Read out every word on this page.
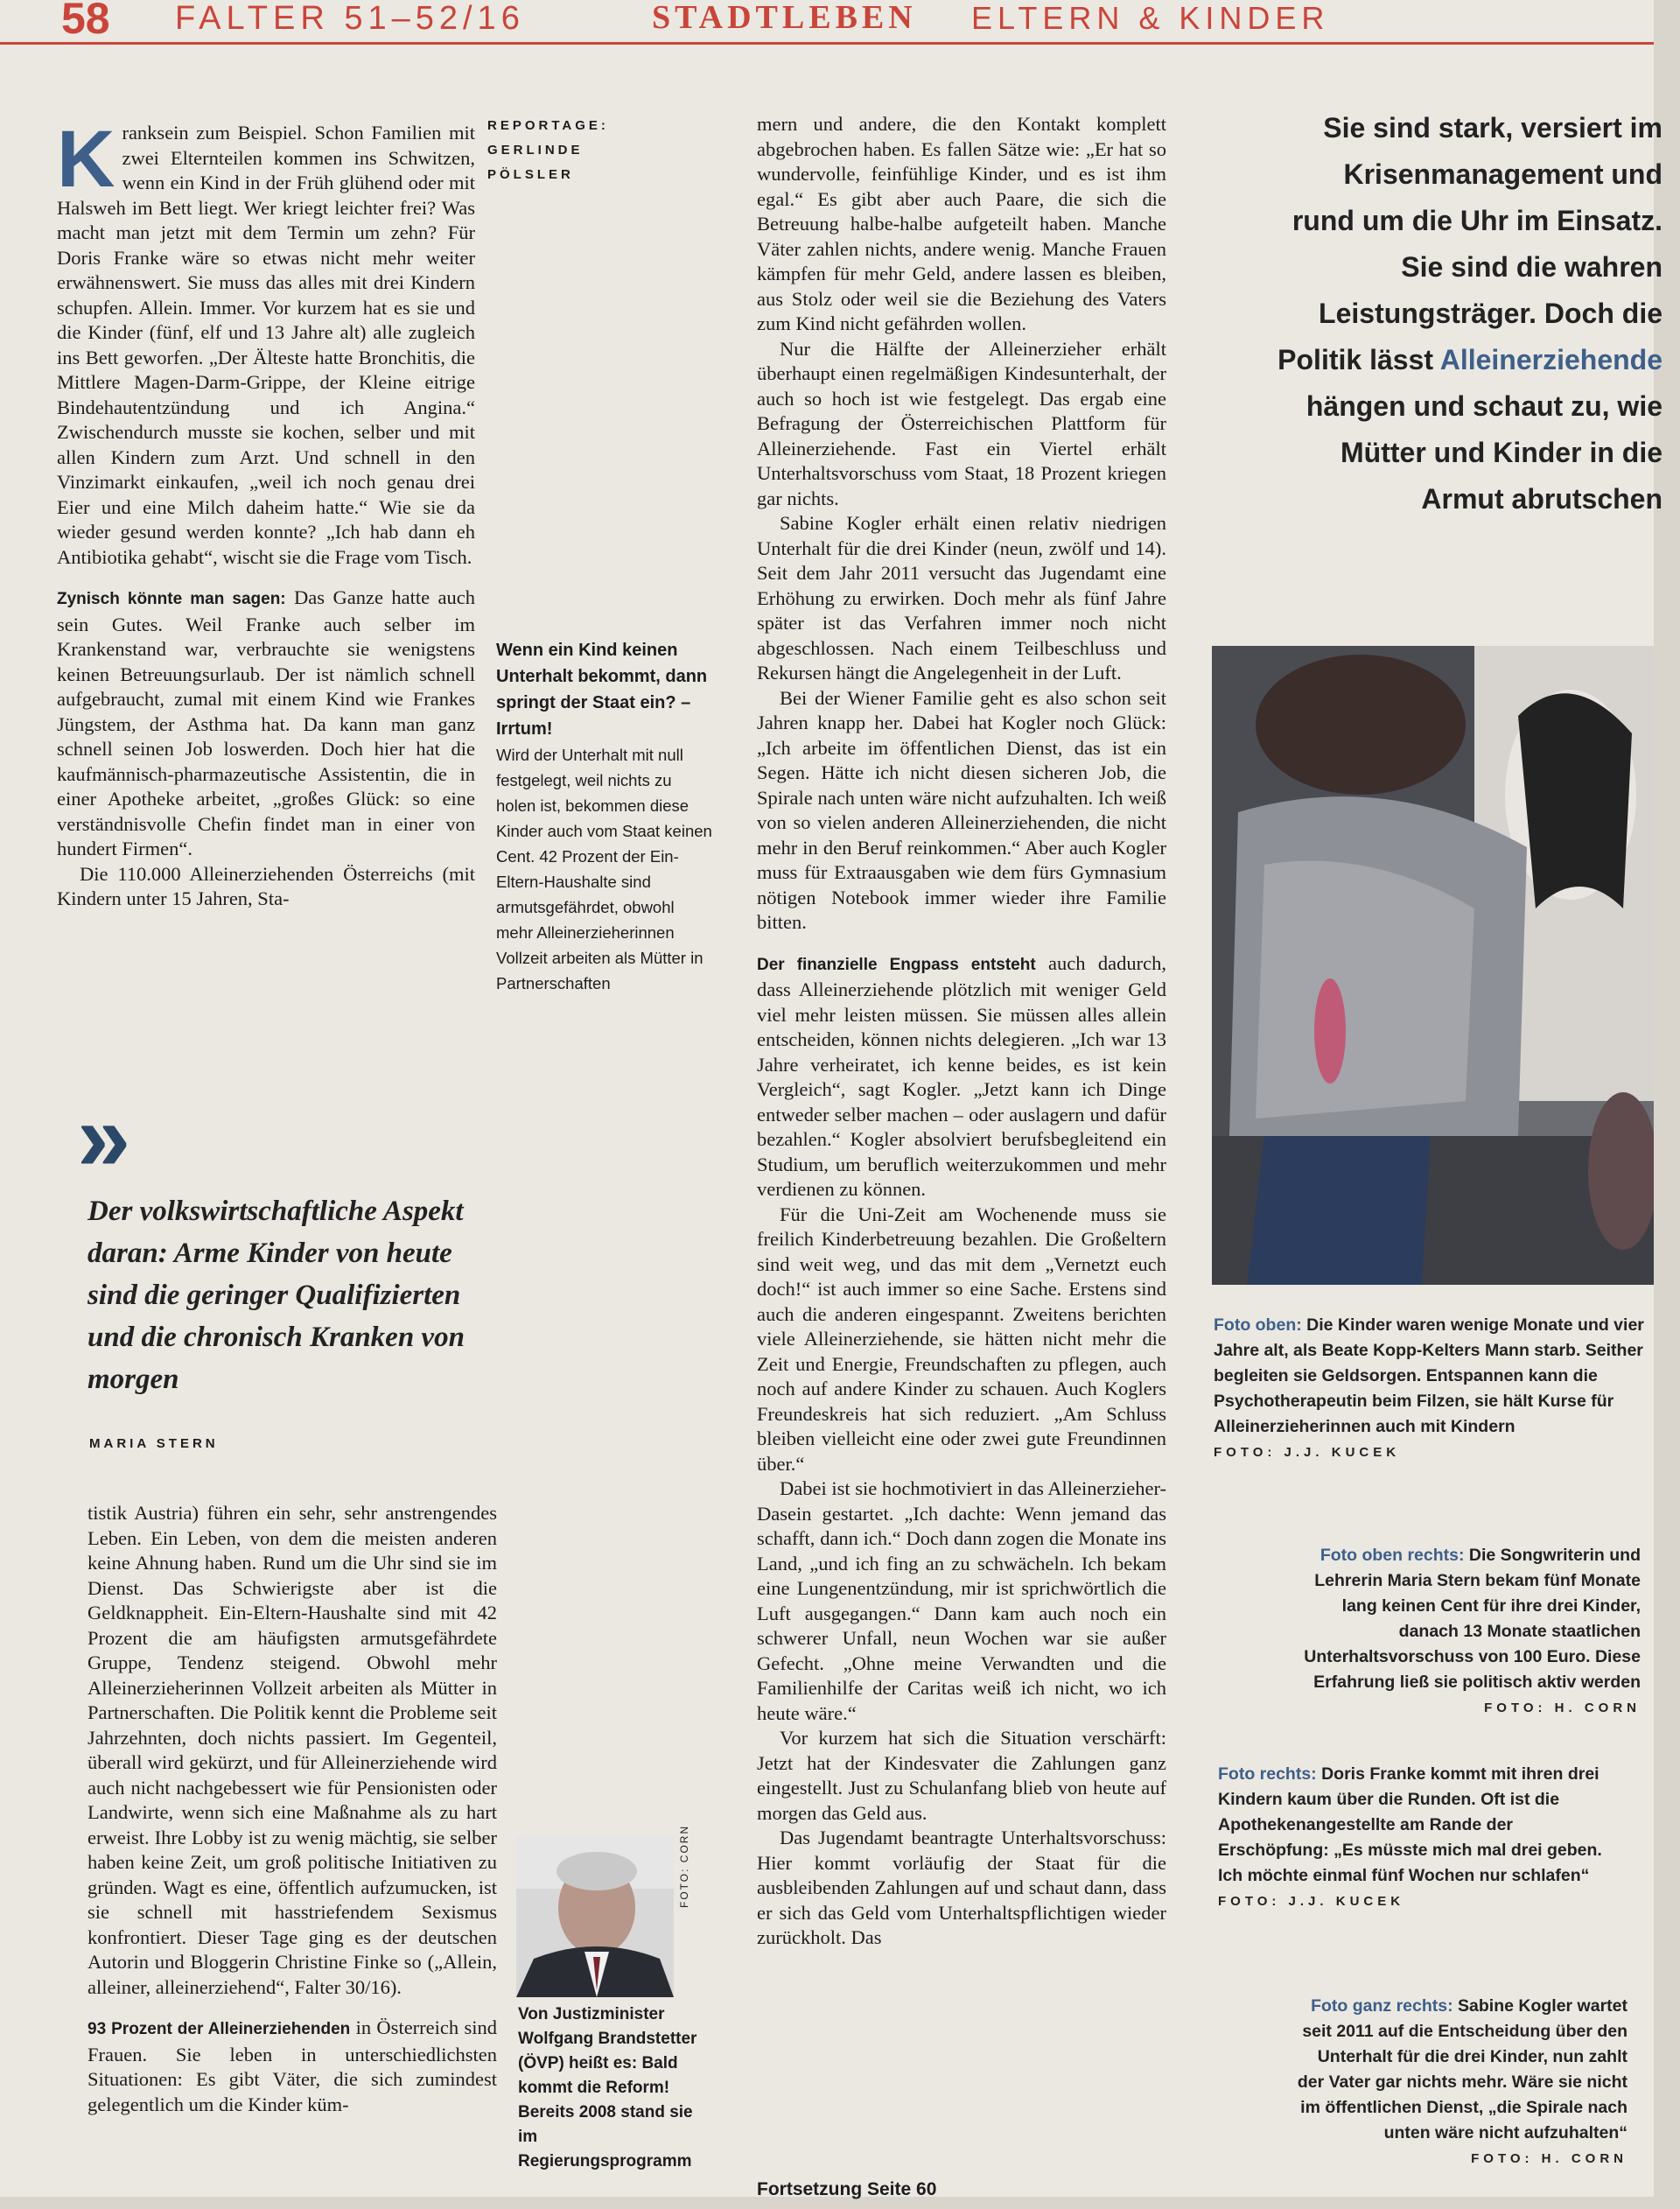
58 FALTER 51–52/16	STADTLEBEN ELTERN & KINDER
K ranksein zum Beispiel. Schon Familien mit zwei Elternteilen kommen ins Schwitzen, wenn ein Kind in der Früh glühend oder mit Halsweh im Bett liegt. Wer kriegt leichter frei? Was macht man jetzt mit dem Termin um zehn? Für Doris Franke wäre so etwas nicht mehr weiter erwähnenswert. Sie muss das alles mit drei Kindern schupfen. Allein. Immer. Vor kurzem hat es sie und die Kinder (fünf, elf und 13 Jahre alt) alle zugleich ins Bett geworfen. „Der Älteste hatte Bronchitis, die Mittlere Magen-Darm-Grippe, der Kleine eitrige Bindehautentzündung und ich Angina.“ Zwischendurch musste sie kochen, selber und mit allen Kindern zum Arzt. Und schnell in den Vinzimarkt einkaufen, „weil ich noch genau drei Eier und eine Milch daheim hatte.“ Wie sie da wieder gesund werden konnte? „Ich hab dann eh Antibiotika gehabt“, wischt sie die Frage vom Tisch.

Zynisch könnte man sagen: Das Ganze hatte auch sein Gutes. Weil Franke auch selber im Krankenstand war, verbrauchte sie wenigstens keinen Betreuungsurlaub. Der ist nämlich schnell aufgebraucht, zumal mit einem Kind wie Frankes Jüngstem, der Asthma hat. Da kann man ganz schnell seinen Job loswerden. Doch hier hat die kaufmännisch-pharmazeutische Assistentin, die in einer Apotheke arbeitet, „großes Glück: so eine verständnisvolle Chefin findet man in einer von hundert Firmen“.

Die 110.000 Alleinerziehenden Österreichs (mit Kindern unter 15 Jahren, Sta-

REPORTAGE:
GERLINDE
PÖLSLER
Wenn ein Kind keinen Unterhalt bekommt, dann springt der Staat ein? – Irrtum!
Wird der Unterhalt mit null festgelegt, weil nichts zu holen ist, bekommen diese Kinder auch vom Staat keinen Cent. 42 Prozent der Ein-Eltern-Haushalte sind armutsgefährdet, obwohl mehr Alleinerzieherinnen Vollzeit arbeiten als Mütter in Partnerschaften
»
Der volkswirtschaftliche Aspekt daran: Arme Kinder von heute sind die geringer Qualifizierten und die chronisch Kranken von morgen
MARIA STERN

tistik Austria) führen ein sehr, sehr anstrengendes Leben. Ein Leben, von dem die meisten anderen keine Ahnung haben. Rund um die Uhr sind sie im Dienst. Das Schwierigste aber ist die Geldknappheit. Ein-Eltern-Haushalte sind mit 42 Prozent die am häufigsten armutsgefährdete Gruppe, Tendenz steigend. Obwohl mehr Alleinerzieherinnen Vollzeit arbeiten als Mütter in Partnerschaften. Die Politik kennt die Probleme seit Jahrzehnten, doch nichts passiert. Im Gegenteil, überall wird gekürzt, und für Alleinerziehende wird auch nicht nachgebessert wie für Pensionisten oder Landwirte, wenn sich eine Maßnahme als zu hart erweist. Ihre Lobby ist zu wenig mächtig, sie selber haben keine Zeit, um groß politische Initiativen zu gründen. Wagt es eine, öffentlich aufzumucken, ist sie schnell mit hasstriefendem Sexismus konfrontiert. Dieser Tage ging es der deutschen Autorin und Bloggerin Christine Finke so („Allein, alleiner, alleinerziehend“, Falter 30/16).

93 Prozent der Alleinerziehenden in Österreich sind Frauen. Sie leben in unterschiedlichsten Situationen: Es gibt Väter, die sich zumindest gelegentlich um die Kinder küm-

FOTO: CORN
Von Justizminister Wolfgang Brandstetter (ÖVP) heißt es: Bald kommt die Reform! Bereits 2008 stand sie im Regierungsprogramm

mern und andere, die den Kontakt komplett abgebrochen haben. Es fallen Sätze wie: „Er hat so wundervolle, feinfühlige Kinder, und es ist ihm egal.“ Es gibt aber auch Paare, die sich die Betreuung halbe-halbe aufgeteilt haben. Manche Väter zahlen nichts, andere wenig. Manche Frauen kämpfen für mehr Geld, andere lassen es bleiben, aus Stolz oder weil sie die Beziehung des Vaters zum Kind nicht gefährden wollen.

Nur die Hälfte der Alleinerzieher erhält überhaupt einen regelmäßigen Kindesunterhalt, der auch so hoch ist wie festgelegt. Das ergab eine Befragung der Österreichischen Plattform für Alleinerziehende. Fast ein Viertel erhält Unterhaltsvorschuss vom Staat, 18 Prozent kriegen gar nichts.

Sabine Kogler erhält einen relativ niedrigen Unterhalt für die drei Kinder (neun, zwölf und 14). Seit dem Jahr 2011 versucht das Jugendamt eine Erhöhung zu erwirken. Doch mehr als fünf Jahre später ist das Verfahren immer noch nicht abgeschlossen. Nach einem Teilbeschluss und Rekursen hängt die Angelegenheit in der Luft.

Bei der Wiener Familie geht es also schon seit Jahren knapp her. Dabei hat Kogler noch Glück: „Ich arbeite im öffentlichen Dienst, das ist ein Segen. Hätte ich nicht diesen sicheren Job, die Spirale nach unten wäre nicht aufzuhalten. Ich weiß von so vielen anderen Alleinerziehenden, die nicht mehr in den Beruf reinkommen.“ Aber auch Kogler muss für Extraausgaben wie dem fürs Gymnasium nötigen Notebook immer wieder ihre Familie bitten.

Der finanzielle Engpass entsteht auch dadurch, dass Alleinerziehende plötzlich mit weniger Geld viel mehr leisten müssen. Sie müssen alles allein entscheiden, können nichts delegieren. „Ich war 13 Jahre verheiratet, ich kenne beides, es ist kein Vergleich“, sagt Kogler. „Jetzt kann ich Dinge entweder selber machen – oder auslagern und dafür bezahlen.“ Kogler absolviert berufsbegleitend ein Studium, um beruflich weiterzukommen und mehr verdienen zu können.

Für die Uni-Zeit am Wochenende muss sie freilich Kinderbetreuung bezahlen. Die Großeltern sind weit weg, und das mit dem „Vernetzt euch doch!“ ist auch immer so eine Sache. Erstens sind auch die anderen eingespannt. Zweitens berichten viele Alleinerziehende, sie hätten nicht mehr die Zeit und Energie, Freundschaften zu pflegen, auch noch auf andere Kinder zu schauen. Auch Koglers Freundeskreis hat sich reduziert. „Am Schluss bleiben vielleicht eine oder zwei gute Freundinnen über.“

Dabei ist sie hochmotiviert in das Alleinerzieher-Dasein gestartet. „Ich dachte: Wenn jemand das schafft, dann ich.“ Doch dann zogen die Monate ins Land, „und ich fing an zu schwächeln. Ich bekam eine Lungenentzündung, mir ist sprichwörtlich die Luft ausgegangen.“ Dann kam auch noch ein schwerer Unfall, neun Wochen war sie außer Gefecht. „Ohne meine Verwandten und die Familienhilfe der Caritas weiß ich nicht, wo ich heute wäre.“

Vor kurzem hat sich die Situation verschärft: Jetzt hat der Kindesvater die Zahlungen ganz eingestellt. Just zu Schulanfang blieb von heute auf morgen das Geld aus.

Das Jugendamt beantragte Unterhaltsvorschuss: Hier kommt vorläufig der Staat für die ausbleibenden Zahlungen auf und schaut dann, dass er sich das Geld vom Unterhaltspflichtigen wieder zurückholt. Das

Fortsetzung Seite 60
Sie sind stark, versiert im Krisenmanagement und rund um die Uhr im Einsatz. Sie sind die wahren Leistungsträger. Doch die Politik lässt Alleinerziehende hängen und schaut zu, wie Mütter und Kinder in die Armut abrutschen
Foto oben: Die Kinder waren wenige Monate und vier Jahre alt, als Beate Kopp-Kelters Mann starb. Seither begleiten sie Geldsorgen. Entspannen kann die Psychotherapeutin beim Filzen, sie hält Kurse für Alleinerzieherinnen auch mit Kindern
FOTO: J.J. KUCEK
Foto oben rechts: Die Songwriterin und Lehrerin Maria Stern bekam fünf Monate lang keinen Cent für ihre drei Kinder, danach 13 Monate staatlichen Unterhaltsvorschuss von 100 Euro. Diese Erfahrung ließ sie politisch aktiv werden
FOTO: H. CORN
Foto rechts: Doris Franke kommt mit ihren drei Kindern kaum über die Runden. Oft ist die Apothekenangestellte am Rande der Erschöpfung: „Es müsste mich mal drei geben. Ich möchte einmal fünf Wochen nur schlafen“
FOTO: J.J. KUCEK
Foto ganz rechts: Sabine Kogler wartet seit 2011 auf die Entscheidung über den Unterhalt für die drei Kinder, nun zahlt der Vater gar nichts mehr. Wäre sie nicht im öffentlichen Dienst, „die Spirale nach unten wäre nicht aufzuhalten“
FOTO: H. CORN
